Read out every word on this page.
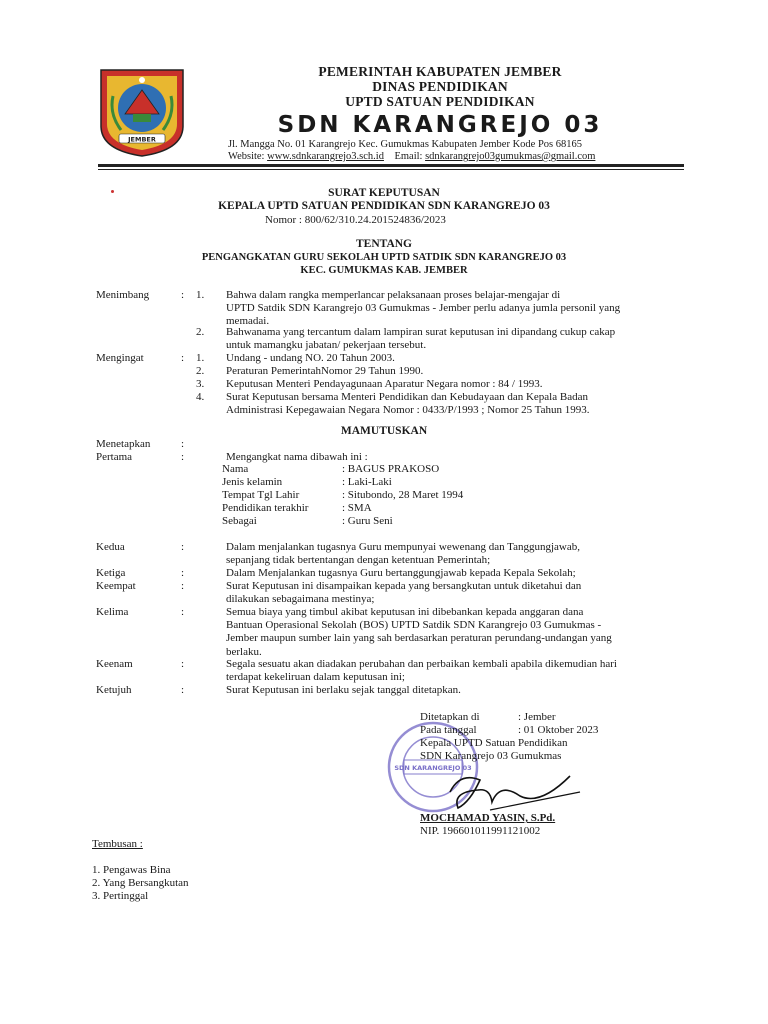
JEMBER
PEMERINTAH KABUPATEN JEMBER
DINAS PENDIDIKAN
UPTD SATUAN PENDIDIKAN
SDN KARANGREJO 03
Jl. Mangga No. 01 Karangrejo Kec. Gumukmas Kabupaten Jember Kode Pos 68165
Website: www.sdnkarangrejo3.sch.id Email: sdnkarangrejo03gumukmas@gmail.com
SURAT KEPUTUSAN
KEPALA UPTD SATUAN PENDIDIKAN SDN KARANGREJO 03
Nomor : 800/62/310.24.201524836/2023
TENTANG
PENGANGKATAN GURU SEKOLAH UPTD SATDIK SDN KARANGREJO 03
KEC. GUMUKMAS KAB. JEMBER
Menimbang	: 1. Bahwa dalam rangka memperlancar pelaksanaan proses belajar-mengajar di
UPTD Satdik SDN Karangrejo 03 Gumukmas - Jember perlu adanya jumla personil yang
memadai.
2. Bahwanama yang tercantum dalam lampiran surat keputusan ini dipandang cukup cakap
untuk mamangku jabatan/ pekerjaan tersebut.
Mengingat	: 1. Undang - undang NO. 20 Tahun 2003.
2. Peraturan PemerintahNomor 29 Tahun 1990.
3. Keputusan Menteri Pendayagunaan Aparatur Negara nomor : 84 / 1993.
4. Surat Keputusan bersama Menteri Pendidikan dan Kebudayaan dan Kepala Badan
Administrasi Kepegawaian Negara Nomor : 0433/P/1993 ; Nomor 25 Tahun 1993.
MAMUTUSKAN
Menetapkan	:
Pertama	:	Mengangkat nama dibawah ini :
Nama	: BAGUS PRAKOSO
Jenis kelamin	: Laki-Laki
Tempat Tgl Lahir	: Situbondo, 28 Maret 1994
Pendidikan terakhir	: SMA
Sebagai	: Guru Seni
Kedua	:	Dalam menjalankan tugasnya Guru mempunyai wewenang dan Tanggungjawab,
sepanjang tidak bertentangan dengan ketentuan Pemerintah;
Ketiga	:	Dalam Menjalankan tugasnya Guru bertanggungjawab kepada Kepala Sekolah;
Keempat	:	Surat Keputusan ini disampaikan kepada yang bersangkutan untuk diketahui dan
dilakukan sebagaimana mestinya;
Kelima	:	Semua biaya yang timbul akibat keputusan ini dibebankan kepada anggaran dana
Bantuan Operasional Sekolah (BOS) UPTD Satdik SDN Karangrejo 03 Gumukmas -
Jember maupun sumber lain yang sah berdasarkan peraturan perundang-undangan yang
berlaku.
Keenam	:	Segala sesuatu akan diadakan perubahan dan perbaikan kembali apabila dikemudian hari
terdapat kekeliruan dalam keputusan ini;
Ketujuh	:	Surat Keputusan ini berlaku sejak tanggal ditetapkan.
SDN KARANGREJO 03
Ditetapkan di	: Jember
Pada tanggal	: 01 Oktober 2023
Kepala UPTD Satuan Pendidikan
SDN Karangrejo 03 Gumukmas
MOCHAMAD YASIN, S.Pd.
NIP. 196601011991121002
Tembusan :
1. Pengawas Bina
2. Yang Bersangkutan
3. Pertinggal
